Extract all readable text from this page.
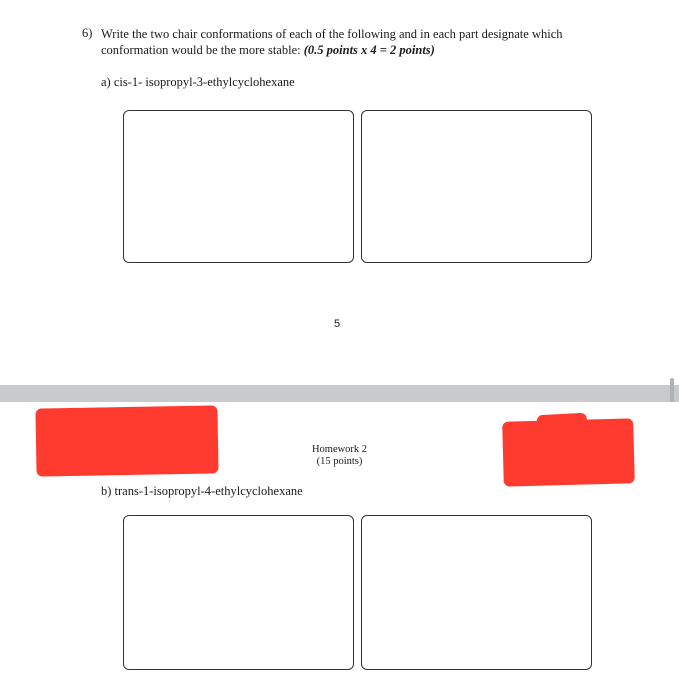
6) Write the two chair conformations of each of the following and in each part designate which
conformation would be the more stable: (0.5 points x 4 = 2 points)
a) cis-1- isopropyl-3-ethylcyclohexane
5
Homework 2
(15 points)
b) trans-1-isopropyl-4-ethylcyclohexane
